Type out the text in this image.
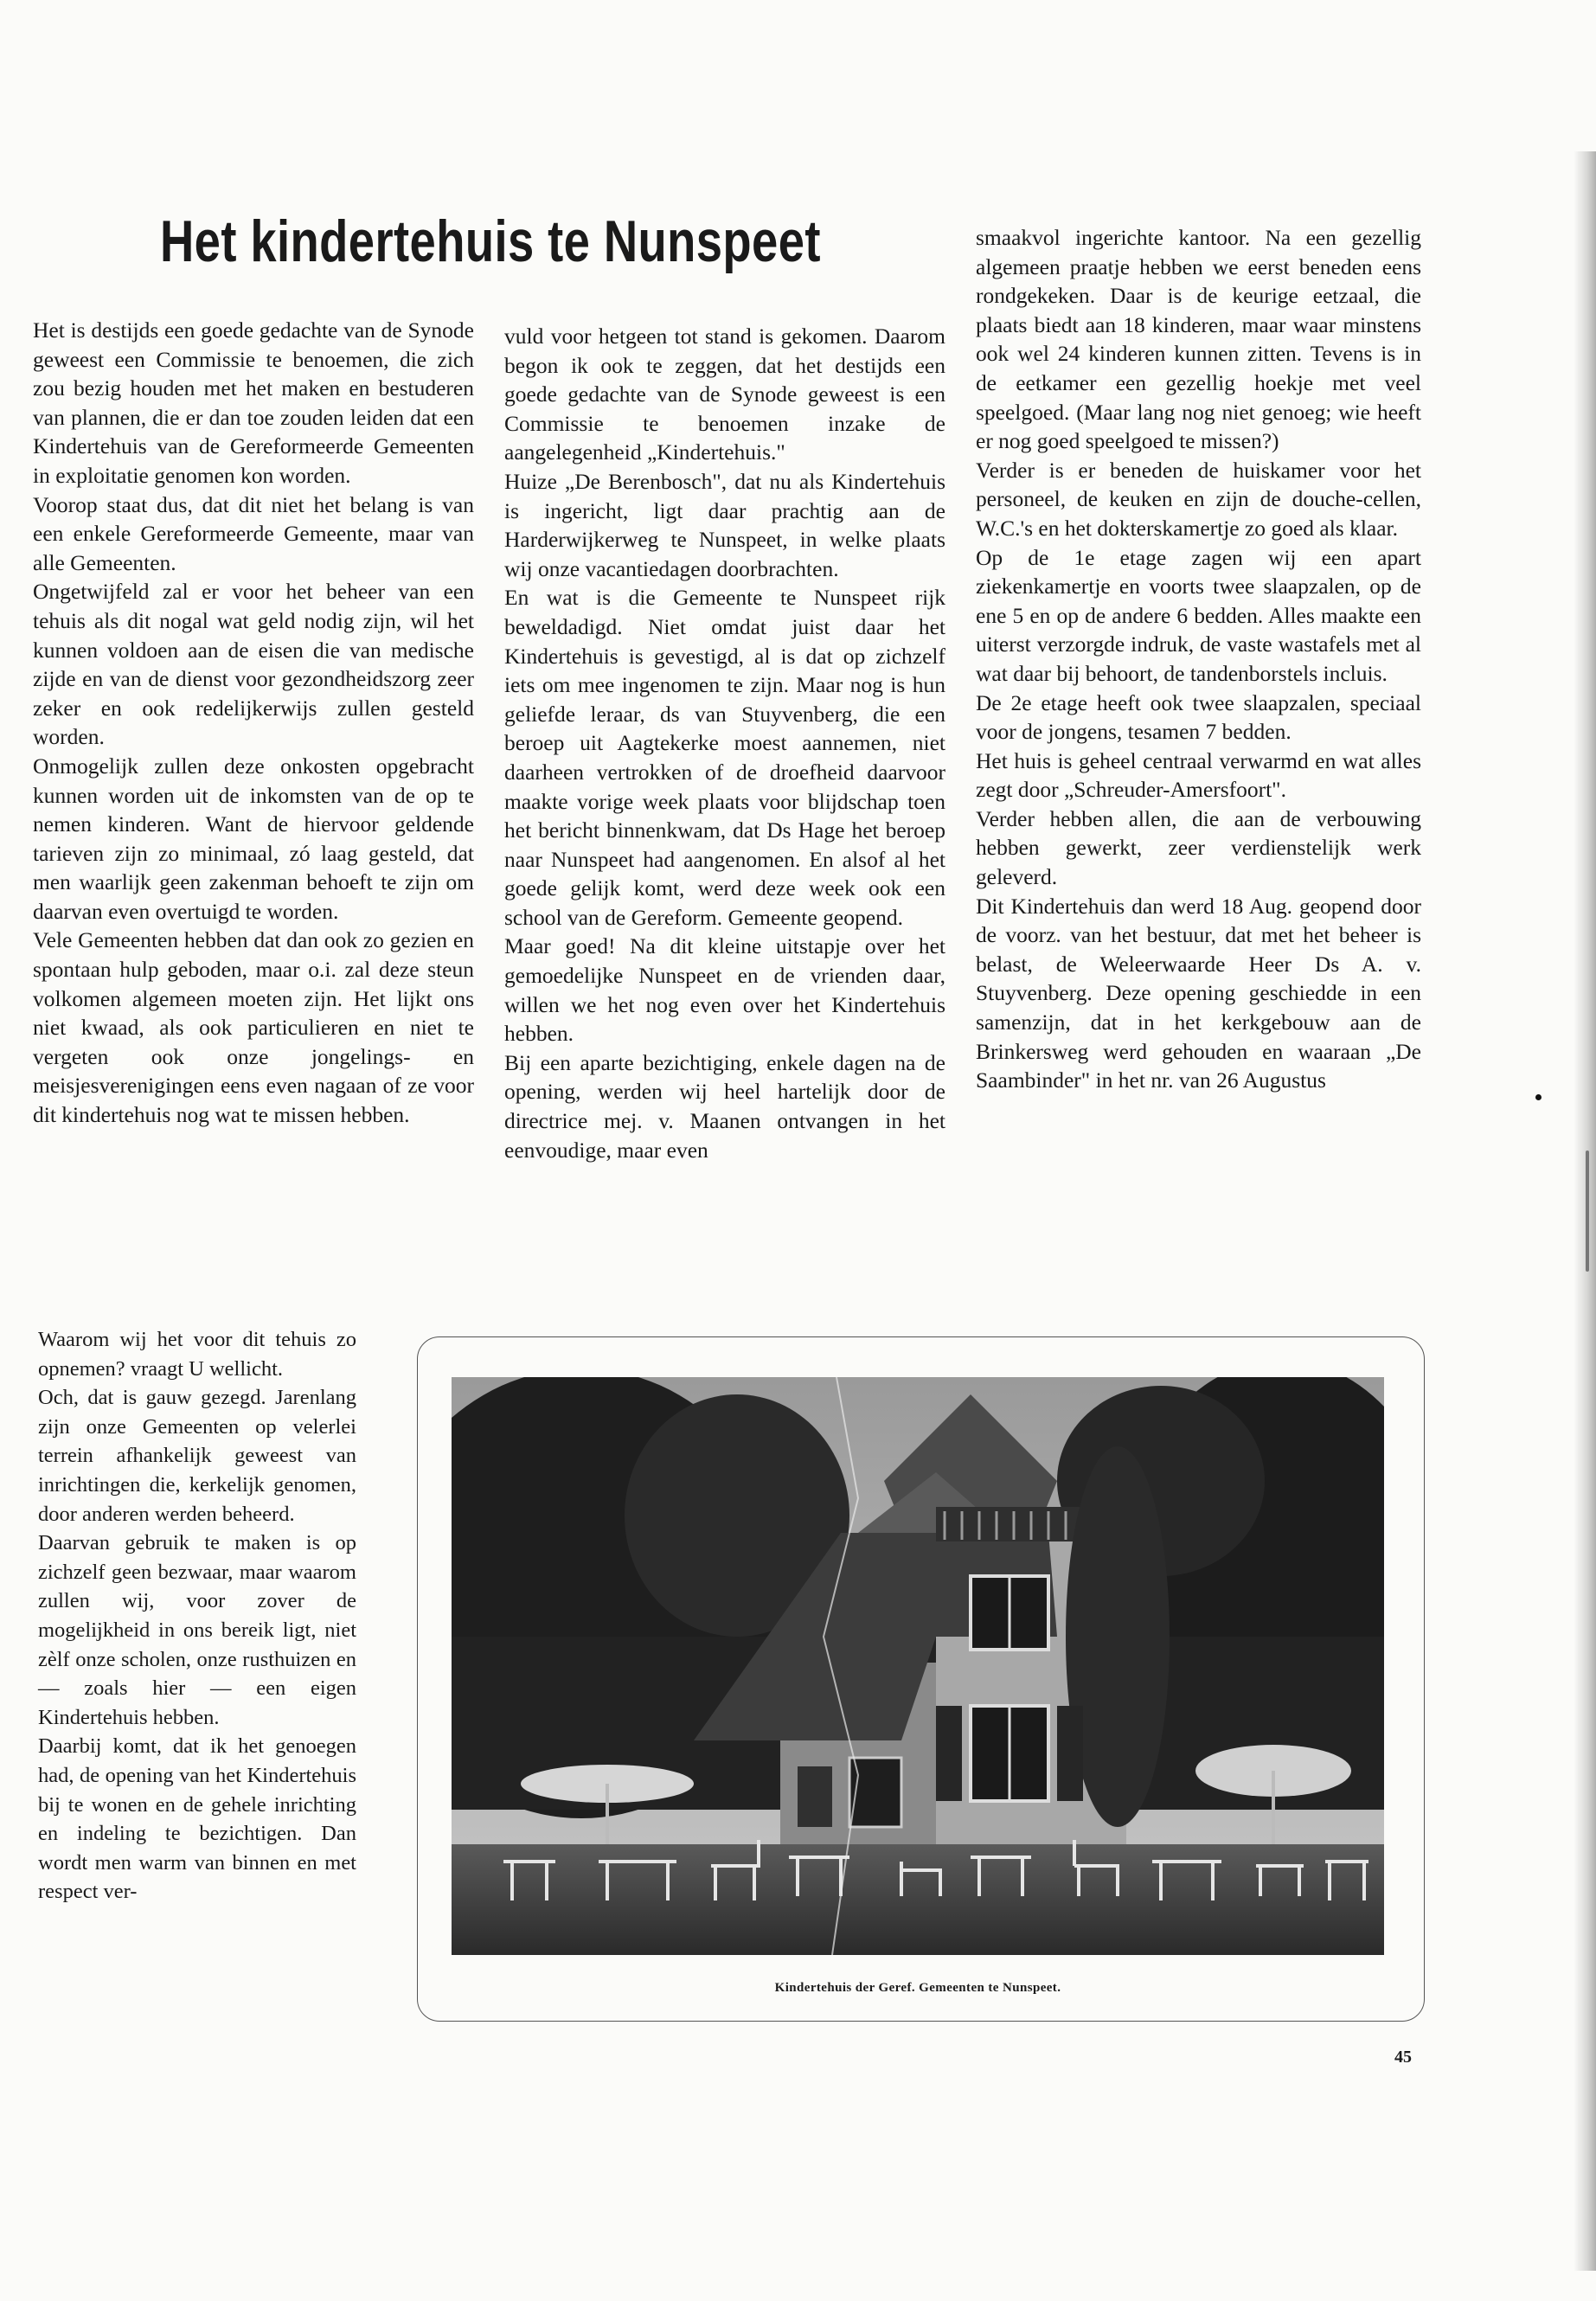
Het kindertehuis te Nunspeet

Het is destijds een goede gedachte van de Synode geweest een Commissie te benoemen, die zich zou bezig houden met het maken en bestuderen van plannen, die er dan toe zouden leiden dat een Kindertehuis van de Gereformeerde Gemeenten in exploitatie genomen kon worden.

Voorop staat dus, dat dit niet het belang is van een enkele Gereformeerde Gemeente, maar van alle Gemeenten.

Ongetwijfeld zal er voor het beheer van een tehuis als dit nogal wat geld nodig zijn, wil het kunnen voldoen aan de eisen die van medische zijde en van de dienst voor gezondheidszorg zeer zeker en ook redelijkerwijs zullen gesteld worden.

Onmogelijk zullen deze onkosten opgebracht kunnen worden uit de inkomsten van de op te nemen kinderen. Want de hiervoor geldende tarieven zijn zo minimaal, zó laag gesteld, dat men waarlijk geen zakenman behoeft te zijn om daarvan even overtuigd te worden.

Vele Gemeenten hebben dat dan ook zo gezien en spontaan hulp geboden, maar o.i. zal deze steun volkomen algemeen moeten zijn. Het lijkt ons niet kwaad, als ook particulieren en niet te vergeten ook onze jongelings- en meisjesverenigingen eens even nagaan of ze voor dit kindertehuis nog wat te missen hebben.

vuld voor hetgeen tot stand is gekomen. Daarom begon ik ook te zeggen, dat het destijds een goede gedachte van de Synode geweest is een Commissie te benoemen inzake de aangelegenheid „Kindertehuis."

Huize „De Berenbosch", dat nu als Kindertehuis is ingericht, ligt daar prachtig aan de Harderwijkerweg te Nunspeet, in welke plaats wij onze vacantiedagen doorbrachten.

En wat is die Gemeente te Nunspeet rijk beweldadigd. Niet omdat juist daar het Kindertehuis is gevestigd, al is dat op zichzelf iets om mee ingenomen te zijn. Maar nog is hun geliefde leraar, ds van Stuyvenberg, die een beroep uit Aagtekerke moest aannemen, niet daarheen vertrokken of de droefheid daarvoor maakte vorige week plaats voor blijdschap toen het bericht binnenkwam, dat Ds Hage het beroep naar Nunspeet had aangenomen. En alsof al het goede gelijk komt, werd deze week ook een school van de Gereform. Gemeente geopend.

Maar goed! Na dit kleine uitstapje over het gemoedelijke Nunspeet en de vrienden daar, willen we het nog even over het Kindertehuis hebben.

Bij een aparte bezichtiging, enkele dagen na de opening, werden wij heel hartelijk door de directrice mej. v. Maanen ontvangen in het eenvoudige, maar even

smaakvol ingerichte kantoor. Na een gezellig algemeen praatje hebben we eerst beneden eens rondgekeken. Daar is de keurige eetzaal, die plaats biedt aan 18 kinderen, maar waar minstens ook wel 24 kinderen kunnen zitten. Tevens is in de eetkamer een gezellig hoekje met veel speelgoed. (Maar lang nog niet genoeg; wie heeft er nog goed speelgoed te missen?)

Verder is er beneden de huiskamer voor het personeel, de keuken en zijn de douche-cellen, W.C.'s en het dokterskamertje zo goed als klaar.

Op de 1e etage zagen wij een apart ziekenkamertje en voorts twee slaapzalen, op de ene 5 en op de andere 6 bedden. Alles maakte een uiterst verzorgde indruk, de vaste wastafels met al wat daar bij behoort, de tandenborstels incluis.

De 2e etage heeft ook twee slaapzalen, speciaal voor de jongens, tesamen 7 bedden.

Het huis is geheel centraal verwarmd en wat alles zegt door „Schreuder-Amersfoort".

Verder hebben allen, die aan de verbouwing hebben gewerkt, zeer verdienstelijk werk geleverd.

Dit Kindertehuis dan werd 18 Aug. geopend door de voorz. van het bestuur, dat met het beheer is belast, de Weleerwaarde Heer Ds A. v. Stuyvenberg. Deze opening geschiedde in een samenzijn, dat in het kerkgebouw aan de Brinkersweg werd gehouden en waaraan „De Saambinder" in het nr. van 26 Augustus

Waarom wij het voor dit tehuis zo opnemen? vraagt U wellicht.

Och, dat is gauw gezegd. Jarenlang zijn onze Gemeenten op velerlei terrein afhankelijk geweest van inrichtingen die, kerkelijk genomen, door anderen werden beheerd.

Daarvan gebruik te maken is op zichzelf geen bezwaar, maar waarom zullen wij, voor zover de mogelijkheid in ons bereik ligt, niet zèlf onze scholen, onze rusthuizen en — zoals hier — een eigen Kindertehuis hebben.

Daarbij komt, dat ik het genoegen had, de opening van het Kindertehuis bij te wonen en de gehele inrichting en indeling te bezichtigen. Dan wordt men warm van binnen en met respect ver-

Kindertehuis der Geref. Gemeenten te Nunspeet.
45
